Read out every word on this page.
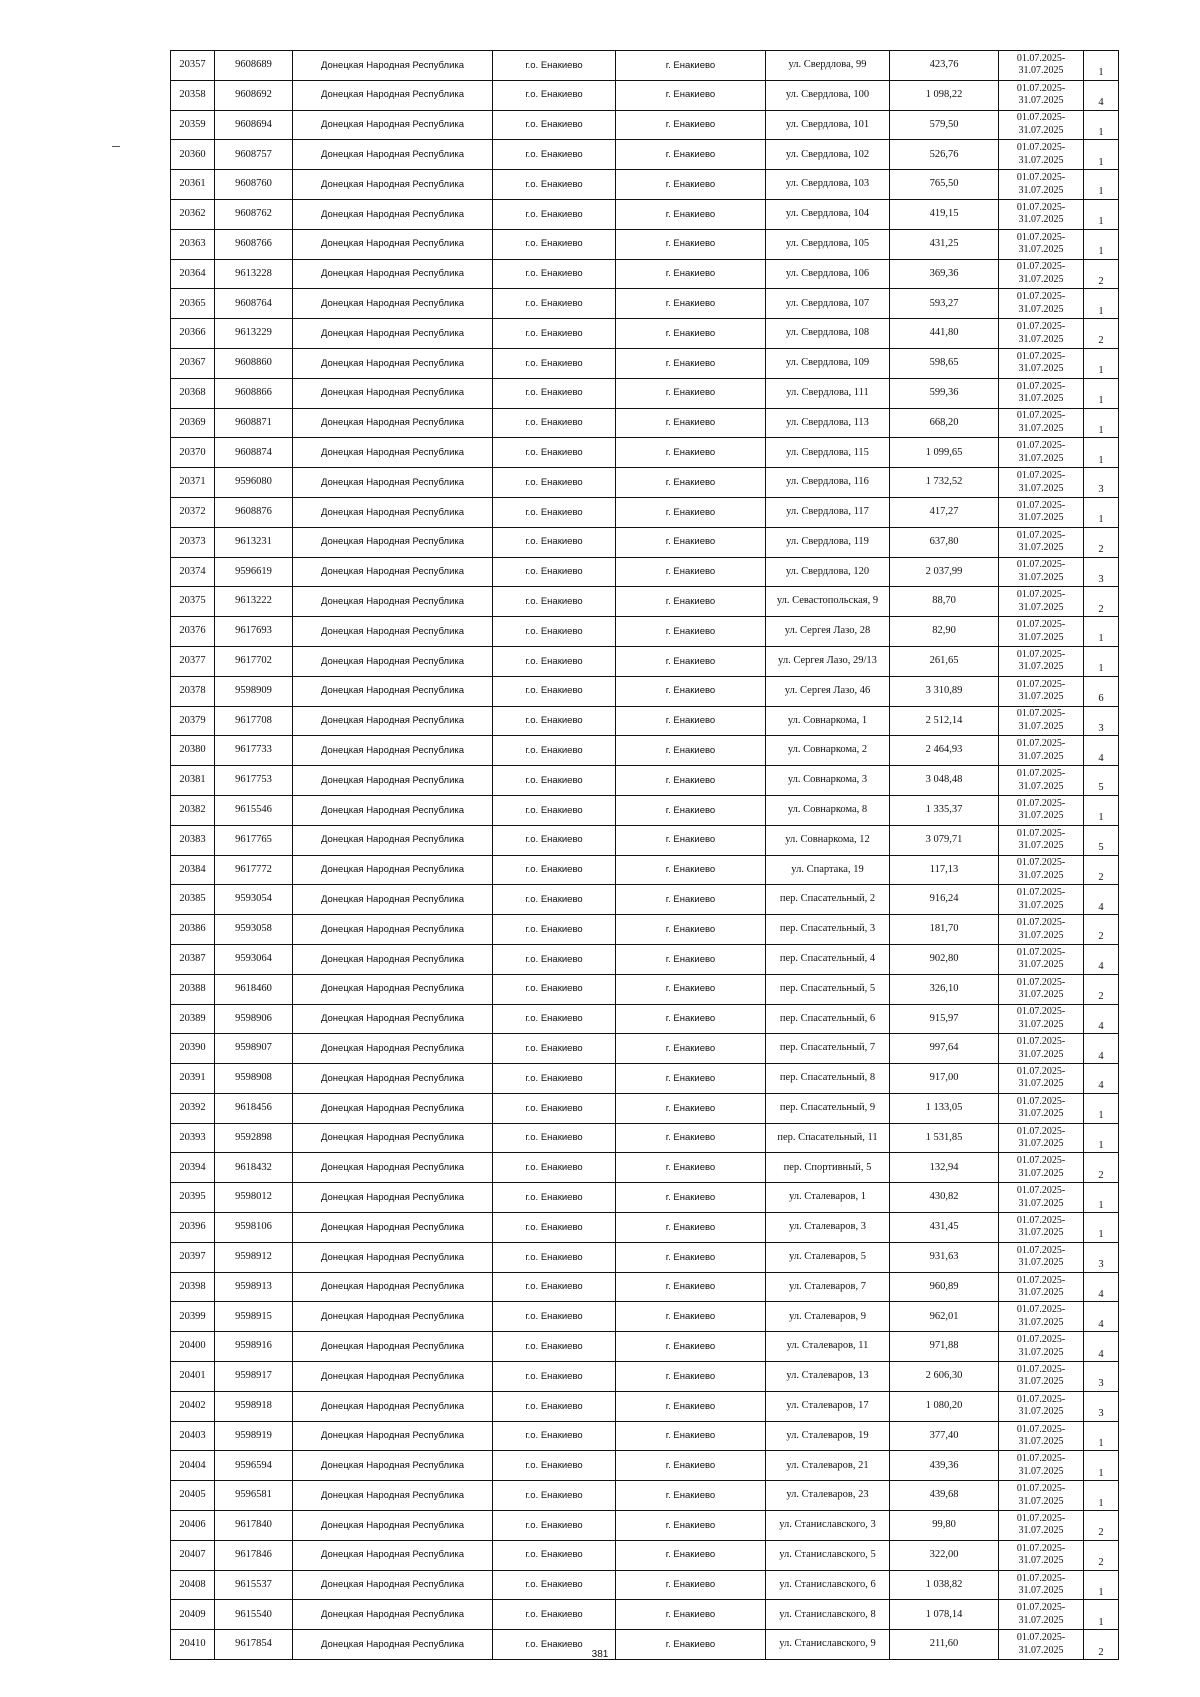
20357	9608689	Донецкая Народная Республика	г.о. Енакиево	г. Енакиево	ул. Свердлова, 99	423,76	01.07.2025-
31.07.2025	1
20358	9608692	Донецкая Народная Республика	г.о. Енакиево	г. Енакиево	ул. Свердлова, 100	1 098,22	01.07.2025-
31.07.2025	4
20359	9608694	Донецкая Народная Республика	г.о. Енакиево	г. Енакиево	ул. Свердлова, 101	579,50	01.07.2025-
31.07.2025	1
20360	9608757	Донецкая Народная Республика	г.о. Енакиево	г. Енакиево	ул. Свердлова, 102	526,76	01.07.2025-
31.07.2025	1
20361	9608760	Донецкая Народная Республика	г.о. Енакиево	г. Енакиево	ул. Свердлова, 103	765,50	01.07.2025-
31.07.2025	1
20362	9608762	Донецкая Народная Республика	г.о. Енакиево	г. Енакиево	ул. Свердлова, 104	419,15	01.07.2025-
31.07.2025	1
20363	9608766	Донецкая Народная Республика	г.о. Енакиево	г. Енакиево	ул. Свердлова, 105	431,25	01.07.2025-
31.07.2025	1
20364	9613228	Донецкая Народная Республика	г.о. Енакиево	г. Енакиево	ул. Свердлова, 106	369,36	01.07.2025-
31.07.2025	2
20365	9608764	Донецкая Народная Республика	г.о. Енакиево	г. Енакиево	ул. Свердлова, 107	593,27	01.07.2025-
31.07.2025	1
20366	9613229	Донецкая Народная Республика	г.о. Енакиево	г. Енакиево	ул. Свердлова, 108	441,80	01.07.2025-
31.07.2025	2
20367	9608860	Донецкая Народная Республика	г.о. Енакиево	г. Енакиево	ул. Свердлова, 109	598,65	01.07.2025-
31.07.2025	1
20368	9608866	Донецкая Народная Республика	г.о. Енакиево	г. Енакиево	ул. Свердлова, 111	599,36	01.07.2025-
31.07.2025	1
20369	9608871	Донецкая Народная Республика	г.о. Енакиево	г. Енакиево	ул. Свердлова, 113	668,20	01.07.2025-
31.07.2025	1
20370	9608874	Донецкая Народная Республика	г.о. Енакиево	г. Енакиево	ул. Свердлова, 115	1 099,65	01.07.2025-
31.07.2025	1
20371	9596080	Донецкая Народная Республика	г.о. Енакиево	г. Енакиево	ул. Свердлова, 116	1 732,52	01.07.2025-
31.07.2025	3
20372	9608876	Донецкая Народная Республика	г.о. Енакиево	г. Енакиево	ул. Свердлова, 117	417,27	01.07.2025-
31.07.2025	1
20373	9613231	Донецкая Народная Республика	г.о. Енакиево	г. Енакиево	ул. Свердлова, 119	637,80	01.07.2025-
31.07.2025	2
20374	9596619	Донецкая Народная Республика	г.о. Енакиево	г. Енакиево	ул. Свердлова, 120	2 037,99	01.07.2025-
31.07.2025	3
20375	9613222	Донецкая Народная Республика	г.о. Енакиево	г. Енакиево	ул. Севастопольская, 9	88,70	01.07.2025-
31.07.2025	2
20376	9617693	Донецкая Народная Республика	г.о. Енакиево	г. Енакиево	ул. Сергея Лазо, 28	82,90	01.07.2025-
31.07.2025	1
20377	9617702	Донецкая Народная Республика	г.о. Енакиево	г. Енакиево	ул. Сергея Лазо, 29/13	261,65	01.07.2025-
31.07.2025	1
20378	9598909	Донецкая Народная Республика	г.о. Енакиево	г. Енакиево	ул. Сергея Лазо, 46	3 310,89	01.07.2025-
31.07.2025	6
20379	9617708	Донецкая Народная Республика	г.о. Енакиево	г. Енакиево	ул. Совнаркома, 1	2 512,14	01.07.2025-
31.07.2025	3
20380	9617733	Донецкая Народная Республика	г.о. Енакиево	г. Енакиево	ул. Совнаркома, 2	2 464,93	01.07.2025-
31.07.2025	4
20381	9617753	Донецкая Народная Республика	г.о. Енакиево	г. Енакиево	ул. Совнаркома, 3	3 048,48	01.07.2025-
31.07.2025	5
20382	9615546	Донецкая Народная Республика	г.о. Енакиево	г. Енакиево	ул. Совнаркома, 8	1 335,37	01.07.2025-
31.07.2025	1
20383	9617765	Донецкая Народная Республика	г.о. Енакиево	г. Енакиево	ул. Совнаркома, 12	3 079,71	01.07.2025-
31.07.2025	5
20384	9617772	Донецкая Народная Республика	г.о. Енакиево	г. Енакиево	ул. Спартака, 19	117,13	01.07.2025-
31.07.2025	2
20385	9593054	Донецкая Народная Республика	г.о. Енакиево	г. Енакиево	пер. Спасательный, 2	916,24	01.07.2025-
31.07.2025	4
20386	9593058	Донецкая Народная Республика	г.о. Енакиево	г. Енакиево	пер. Спасательный, 3	181,70	01.07.2025-
31.07.2025	2
20387	9593064	Донецкая Народная Республика	г.о. Енакиево	г. Енакиево	пер. Спасательный, 4	902,80	01.07.2025-
31.07.2025	4
20388	9618460	Донецкая Народная Республика	г.о. Енакиево	г. Енакиево	пер. Спасательный, 5	326,10	01.07.2025-
31.07.2025	2
20389	9598906	Донецкая Народная Республика	г.о. Енакиево	г. Енакиево	пер. Спасательный, 6	915,97	01.07.2025-
31.07.2025	4
20390	9598907	Донецкая Народная Республика	г.о. Енакиево	г. Енакиево	пер. Спасательный, 7	997,64	01.07.2025-
31.07.2025	4
20391	9598908	Донецкая Народная Республика	г.о. Енакиево	г. Енакиево	пер. Спасательный, 8	917,00	01.07.2025-
31.07.2025	4
20392	9618456	Донецкая Народная Республика	г.о. Енакиево	г. Енакиево	пер. Спасательный, 9	1 133,05	01.07.2025-
31.07.2025	1
20393	9592898	Донецкая Народная Республика	г.о. Енакиево	г. Енакиево	пер. Спасательный, 11	1 531,85	01.07.2025-
31.07.2025	1
20394	9618432	Донецкая Народная Республика	г.о. Енакиево	г. Енакиево	пер. Спортивный, 5	132,94	01.07.2025-
31.07.2025	2
20395	9598012	Донецкая Народная Республика	г.о. Енакиево	г. Енакиево	ул. Сталеваров, 1	430,82	01.07.2025-
31.07.2025	1
20396	9598106	Донецкая Народная Республика	г.о. Енакиево	г. Енакиево	ул. Сталеваров, 3	431,45	01.07.2025-
31.07.2025	1
20397	9598912	Донецкая Народная Республика	г.о. Енакиево	г. Енакиево	ул. Сталеваров, 5	931,63	01.07.2025-
31.07.2025	3
20398	9598913	Донецкая Народная Республика	г.о. Енакиево	г. Енакиево	ул. Сталеваров, 7	960,89	01.07.2025-
31.07.2025	4
20399	9598915	Донецкая Народная Республика	г.о. Енакиево	г. Енакиево	ул. Сталеваров, 9	962,01	01.07.2025-
31.07.2025	4
20400	9598916	Донецкая Народная Республика	г.о. Енакиево	г. Енакиево	ул. Сталеваров, 11	971,88	01.07.2025-
31.07.2025	4
20401	9598917	Донецкая Народная Республика	г.о. Енакиево	г. Енакиево	ул. Сталеваров, 13	2 606,30	01.07.2025-
31.07.2025	3
20402	9598918	Донецкая Народная Республика	г.о. Енакиево	г. Енакиево	ул. Сталеваров, 17	1 080,20	01.07.2025-
31.07.2025	3
20403	9598919	Донецкая Народная Республика	г.о. Енакиево	г. Енакиево	ул. Сталеваров, 19	377,40	01.07.2025-
31.07.2025	1
20404	9596594	Донецкая Народная Республика	г.о. Енакиево	г. Енакиево	ул. Сталеваров, 21	439,36	01.07.2025-
31.07.2025	1
20405	9596581	Донецкая Народная Республика	г.о. Енакиево	г. Енакиево	ул. Сталеваров, 23	439,68	01.07.2025-
31.07.2025	1
20406	9617840	Донецкая Народная Республика	г.о. Енакиево	г. Енакиево	ул. Станиславского, 3	99,80	01.07.2025-
31.07.2025	2
20407	9617846	Донецкая Народная Республика	г.о. Енакиево	г. Енакиево	ул. Станиславского, 5	322,00	01.07.2025-
31.07.2025	2
20408	9615537	Донецкая Народная Республика	г.о. Енакиево	г. Енакиево	ул. Станиславского, 6	1 038,82	01.07.2025-
31.07.2025	1
20409	9615540	Донецкая Народная Республика	г.о. Енакиево	г. Енакиево	ул. Станиславского, 8	1 078,14	01.07.2025-
31.07.2025	1
20410	9617854	Донецкая Народная Республика	г.о. Енакиево	г. Енакиево	ул. Станиславского, 9	211,60	01.07.2025-
31.07.2025	2
381
